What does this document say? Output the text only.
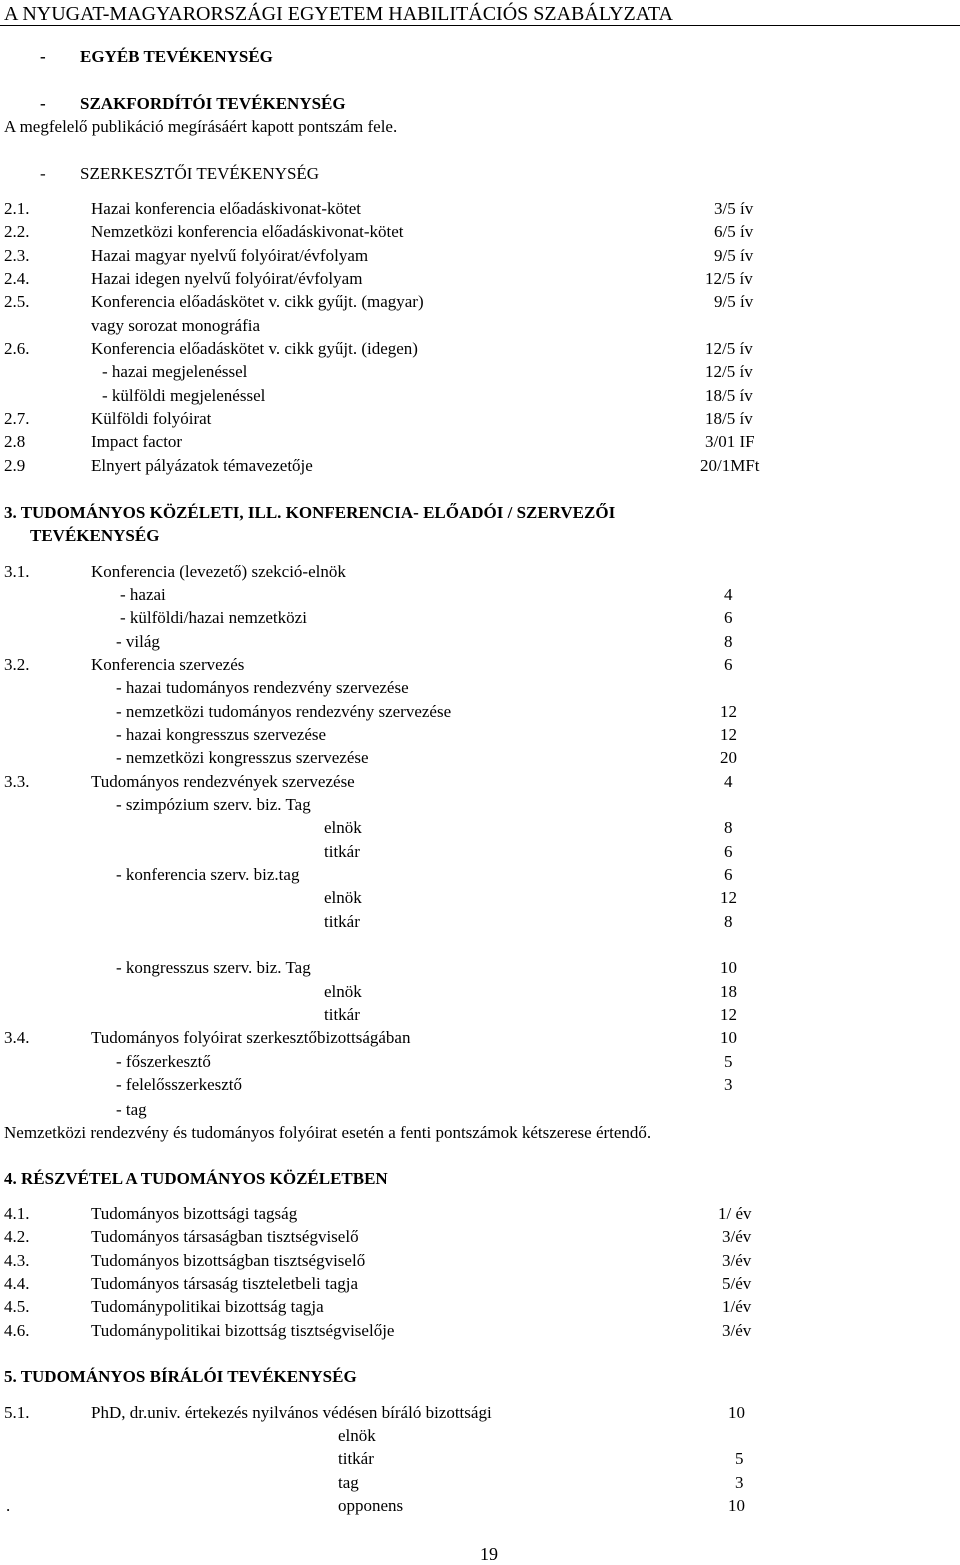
A NYUGAT-MAGYARORSZÁGI EGYETEM HABILITÁCIÓS SZABÁLYZATA
- EGYÉB TEVÉKENYSÉG
- SZAKFORDÍTÓI TEVÉKENYSÉG
A megfelelő publikáció megírásáért kapott pontszám fele.
- SZERKESZTŐI TEVÉKENYSÉG
2.1.	Hazai konferencia előadáskivonat-kötet	3/5 ív
2.2.	Nemzetközi konferencia előadáskivonat-kötet	6/5 ív
2.3.	Hazai magyar nyelvű folyóirat/évfolyam	9/5 ív
2.4.	Hazai idegen nyelvű folyóirat/évfolyam	12/5 ív
2.5.	Konferencia előadáskötet v. cikk gyűjt. (magyar)	9/5 ív
vagy sorozat monográfia
2.6.	Konferencia előadáskötet v. cikk gyűjt. (idegen)	12/5 ív
- hazai megjelenéssel	12/5 ív
- külföldi megjelenéssel	18/5 ív
2.7.	Külföldi folyóirat	18/5 ív
2.8	Impact factor	3/01 IF
2.9	Elnyert pályázatok témavezetője	20/1MFt
3. TUDOMÁNYOS KÖZÉLETI, ILL. KONFERENCIA- ELŐADÓI / SZERVEZŐI
TEVÉKENYSÉG
3.1.	Konferencia (levezető) szekció-elnök
- hazai	4
- külföldi/hazai nemzetközi	6
- világ	8
3.2.	Konferencia szervezés	6
- hazai tudományos rendezvény szervezése
- nemzetközi tudományos rendezvény szervezése	12
- hazai kongresszus szervezése	12
- nemzetközi kongresszus szervezése	20
3.3.	Tudományos rendezvények szervezése	4
- szimpózium szerv. biz. Tag
elnök	8
titkár	6
- konferencia szerv. biz.tag	6
elnök	12
titkár	8
- kongresszus szerv. biz. Tag	10
elnök	18
titkár	12
3.4.	Tudományos folyóirat szerkesztőbizottságában	10
- főszerkesztő	5
- felelősszerkesztő	3
- tag
Nemzetközi rendezvény és tudományos folyóirat esetén a fenti pontszámok kétszerese értendő.
4. RÉSZVÉTEL A TUDOMÁNYOS KÖZÉLETBEN
4.1.	Tudományos bizottsági tagság	1/ év
4.2.	Tudományos társaságban tisztségviselő	3/év
4.3.	Tudományos bizottságban tisztségviselő	3/év
4.4.	Tudományos társaság tiszteletbeli tagja	5/év
4.5.	Tudománypolitikai bizottság tagja	1/év
4.6.	Tudománypolitikai bizottság tisztségviselője	3/év
5. TUDOMÁNYOS BÍRÁLÓI TEVÉKENYSÉG
5.1.	PhD, dr.univ. értekezés nyilvános védésen bíráló bizottsági	10
elnök
titkár	5
tag	3
.	opponens	10
19
